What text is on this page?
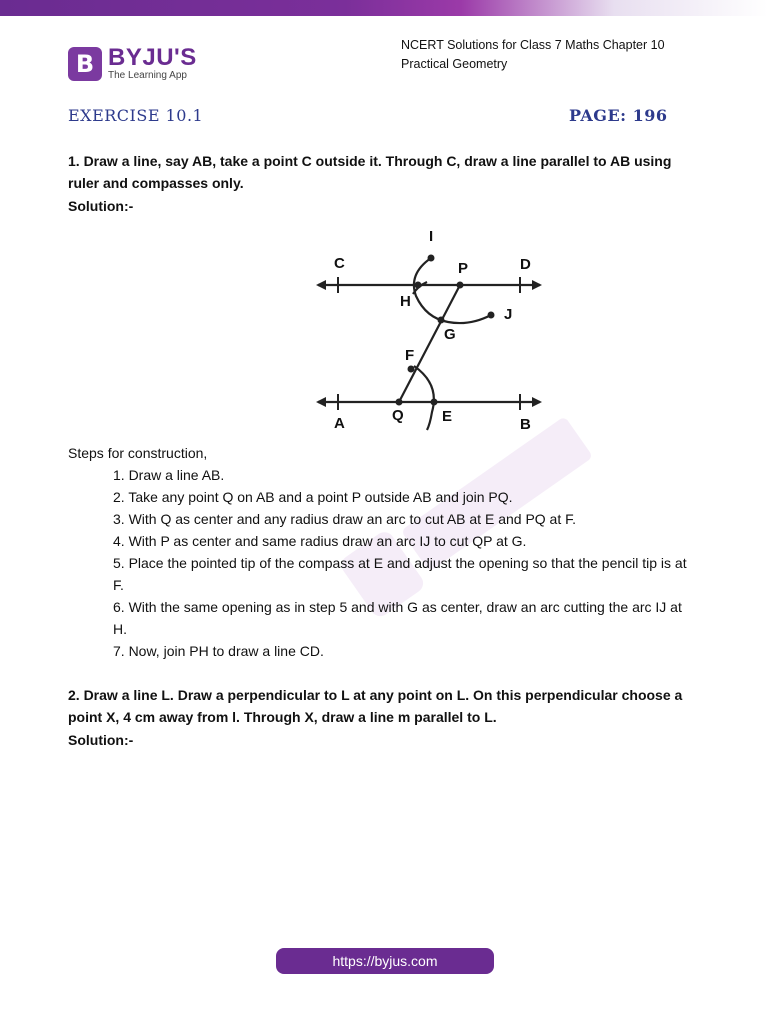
B BYJU'S
The Learning App
NCERT Solutions for Class 7 Maths Chapter 10
Practical Geometry
EXERCISE 10.1	PAGE: 196
1. Draw a line, say AB, take a point C outside it. Through C, draw a line parallel to AB using ruler and compasses only.
Solution:-
I
C	P	D
H
J
G
F
A	Q	E	B
Steps for construction,
1. Draw a line AB.
2. Take any point Q on AB and a point P outside AB and join PQ.
3. With Q as center and any radius draw an arc to cut AB at E and PQ at F.
4. With P as center and same radius draw an arc IJ to cut QP at G.
5. Place the pointed tip of the compass at E and adjust the opening so that the pencil tip is at F.
6. With the same opening as in step 5 and with G as center, draw an arc cutting the arc IJ at H.
7. Now, join PH to draw a line CD.
2. Draw a line L. Draw a perpendicular to L at any point on L. On this perpendicular choose a point X, 4 cm away from l. Through X, draw a line m parallel to L.
Solution:-
https://byjus.com
